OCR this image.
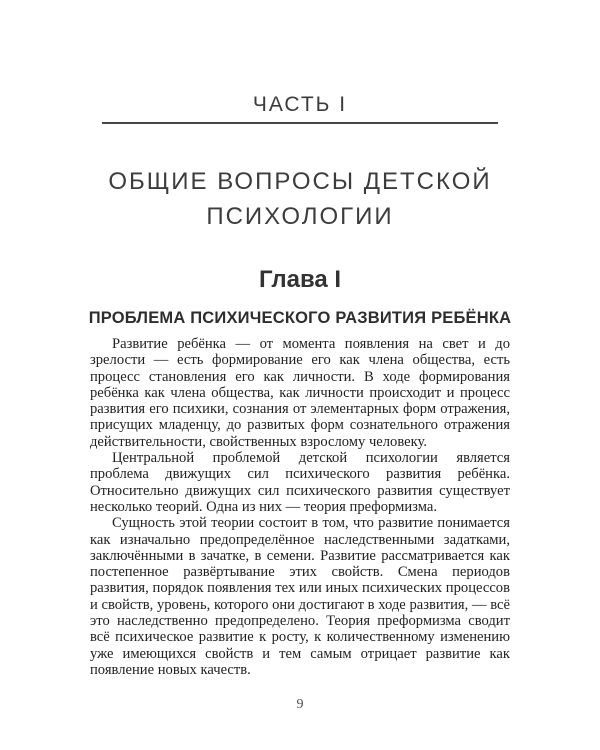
ЧАСТЬ I
ОБЩИЕ ВОПРОСЫ ДЕТСКОЙ ПСИХОЛОГИИ
Глава I
ПРОБЛЕМА ПСИХИЧЕСКОГО РАЗВИТИЯ РЕБЁНКА

Развитие ребёнка — от момента появления на свет и до зрелости — есть формирование его как члена общества, есть процесс становления его как личности. В ходе формирования ребёнка как члена общества, как личности происходит и процесс развития его психики, сознания от элементарных форм отражения, присущих младенцу, до развитых форм сознательного отражения действительности, свойственных взрослому человеку.

Центральной проблемой детской психологии является проблема движущих сил психического развития ребёнка. Относительно движущих сил психического развития существует несколько теорий. Одна из них — теория преформизма.

Сущность этой теории состоит в том, что развитие понимается как изначально предопределённое наследственными задатками, заключёнными в зачатке, в семени. Развитие рассматривается как постепенное развёртывание этих свойств. Смена периодов развития, порядок появления тех или иных психических процессов и свойств, уровень, которого они достигают в ходе развития, — всё это наследственно предопределено. Теория преформизма сводит всё психическое развитие к росту, к количественному изменению уже имеющихся свойств и тем самым отрицает развитие как появление новых качеств.

9
